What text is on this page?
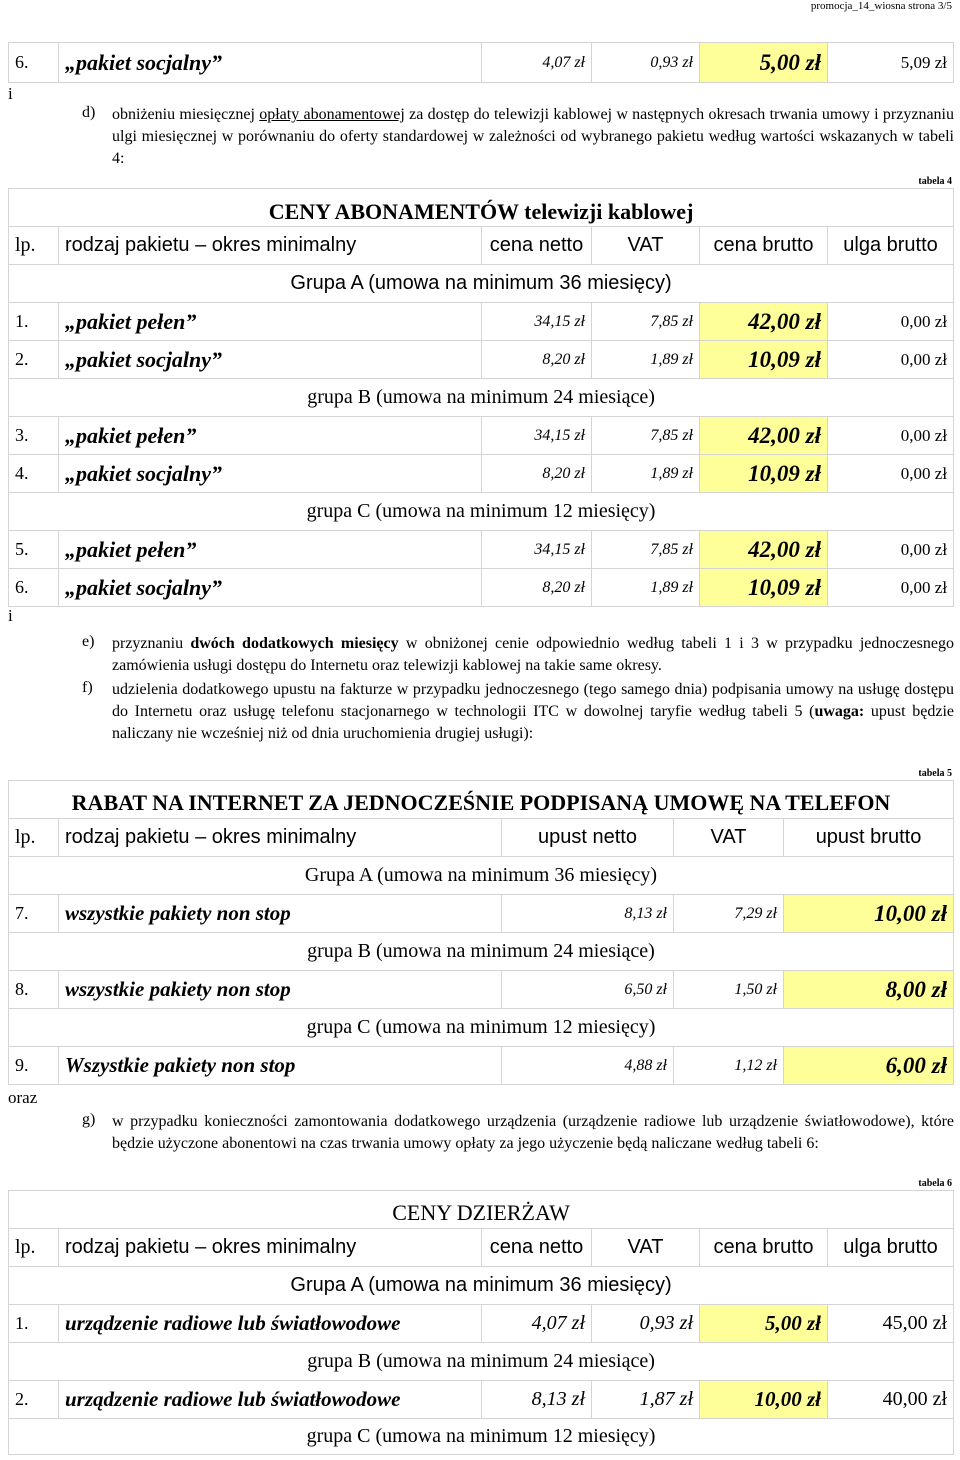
promocja_14_wiosna strona 3/5
6.	„pakiet socjalny”	4,07 zł	0,93 zł	5,00 zł	5,09 zł
i
d) obniżeniu miesięcznej opłaty abonamentowej za dostęp do telewizji kablowej w następnych okresach trwania umowy i przyznaniu ulgi miesięcznej w porównaniu do oferty standardowej w zależności od wybranego pakietu według wartości wskazanych w tabeli 4:
tabela 4
CENY ABONAMENTÓW telewizji kablowej					
lp.	rodzaj pakietu – okres minimalny	cena netto	VAT	cena brutto	ulga brutto
Grupa A (umowa na minimum 36 miesięcy)					
1.	„pakiet pełen”	34,15 zł	7,85 zł	42,00 zł	0,00 zł
2.	„pakiet socjalny”	8,20 zł	1,89 zł	10,09 zł	0,00 zł
grupa B (umowa na minimum 24 miesiące)					
3.	„pakiet pełen”	34,15 zł	7,85 zł	42,00 zł	0,00 zł
4.	„pakiet socjalny”	8,20 zł	1,89 zł	10,09 zł	0,00 zł
grupa C (umowa na minimum 12 miesięcy)					
5.	„pakiet pełen”	34,15 zł	7,85 zł	42,00 zł	0,00 zł
6.	„pakiet socjalny”	8,20 zł	1,89 zł	10,09 zł	0,00 zł
i
e) przyznaniu dwóch dodatkowych miesięcy w obniżonej cenie odpowiednio według tabeli 1 i 3 w przypadku jednoczesnego zamówienia usługi dostępu do Internetu oraz telewizji kablowej na takie same okresy.
f) udzielenia dodatkowego upustu na fakturze w przypadku jednoczesnego (tego samego dnia) podpisania umowy na usługę dostępu do Internetu oraz usługę telefonu stacjonarnego w technologii ITC w dowolnej taryfie według tabeli 5 (uwaga: upust będzie naliczany nie wcześniej niż od dnia uruchomienia drugiej usługi):
tabela 5
RABAT NA INTERNET ZA JEDNOCZEŚNIE PODPISANĄ UMOWĘ NA TELEFON				
lp.	rodzaj pakietu – okres minimalny	upust netto	VAT	upust brutto
Grupa A (umowa na minimum 36 miesięcy)				
7.	wszystkie pakiety non stop	8,13 zł	7,29 zł	10,00 zł
grupa B (umowa na minimum 24 miesiące)				
8.	wszystkie pakiety non stop	6,50 zł	1,50 zł	8,00 zł
grupa C (umowa na minimum 12 miesięcy)				
9.	Wszystkie pakiety non stop	4,88 zł	1,12 zł	6,00 zł
oraz
g) w przypadku konieczności zamontowania dodatkowego urządzenia (urządzenie radiowe lub urządzenie światłowodowe), które będzie użyczone abonentowi na czas trwania umowy opłaty za jego użyczenie będą naliczane według tabeli 6:
tabela 6
CENY DZIERŻAW					
lp.	rodzaj pakietu – okres minimalny	cena netto	VAT	cena brutto	ulga brutto
Grupa A (umowa na minimum 36 miesięcy)					
1.	urządzenie radiowe lub światłowodowe	4,07 zł	0,93 zł	5,00 zł	45,00 zł
grupa B (umowa na minimum 24 miesiące)					
2.	urządzenie radiowe lub światłowodowe	8,13 zł	1,87 zł	10,00 zł	40,00 zł
grupa C (umowa na minimum 12 miesięcy)					
